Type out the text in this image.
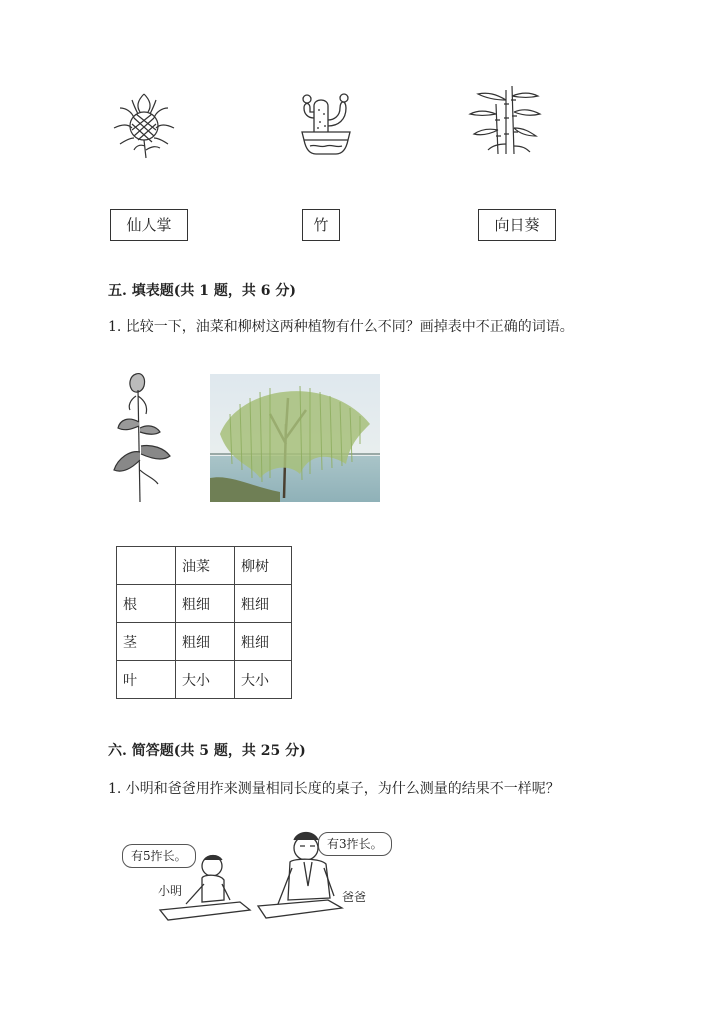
仙人掌	竹	向日葵
五. 填表题(共 1 题，共 6 分)
1. 比较一下，油菜和柳树这两种植物有什么不同？画掉表中不正确的词语。
	油菜	柳树
根	粗细	粗细
茎	粗细	粗细
叶	大小	大小
六. 简答题(共 5 题，共 25 分)
1. 小明和爸爸用拃来测量相同长度的桌子，为什么测量的结果不一样呢？
有5拃长。
有3拃长。
小明	爸爸
